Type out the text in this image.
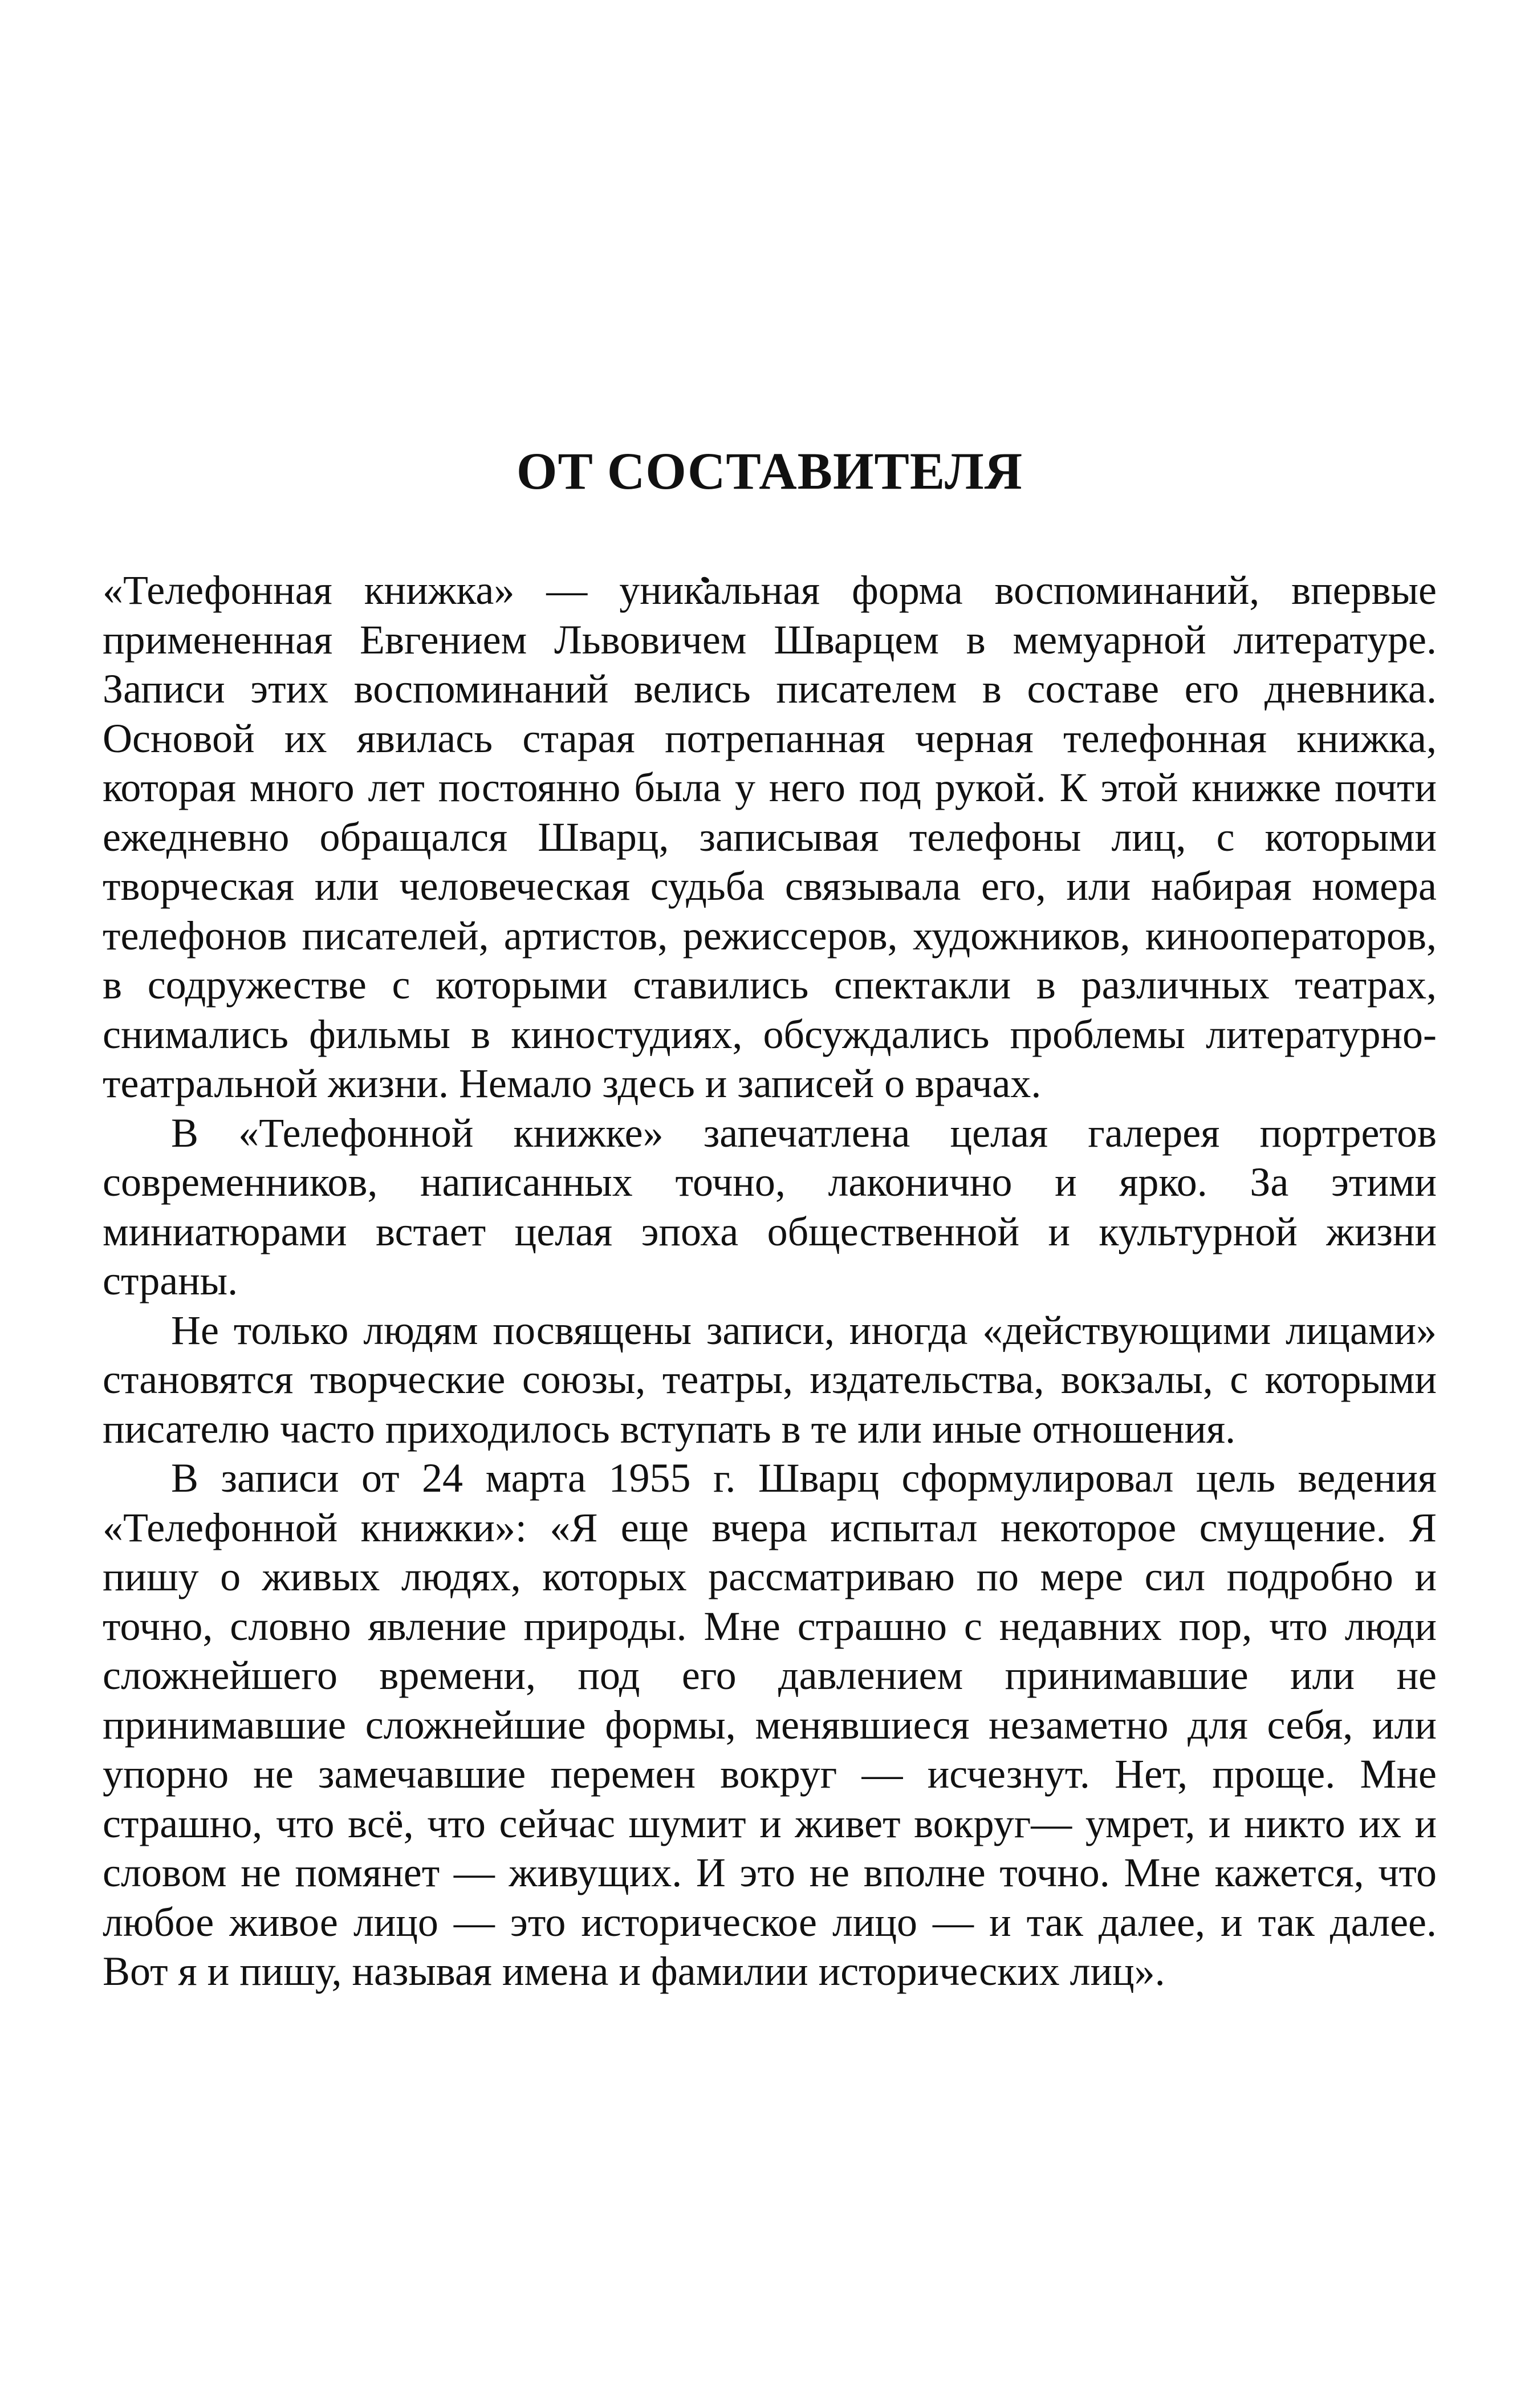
ОТ СОСТАВИТЕЛЯ

«Телефонная книжка» — уникальная форма воспоминаний, впервые примененная Евгением Львовичем Шварцем в мемуарной литературе. Записи этих воспоминаний велись писателем в составе его дневника. Основой их явилась старая потрепанная черная телефонная книжка, которая много лет постоянно была у него под рукой. К этой книжке почти ежедневно обращался Шварц, записывая телефоны лиц, с которыми творческая или человеческая судьба связывала его, или набирая номера телефонов писателей, артистов, режиссеров, художников, кинооператоров, в содружестве с которыми ставились спектакли в различных театрах, снимались фильмы в киностудиях, обсуждались проблемы литературно-театральной жизни. Немало здесь и записей о врачах.

В «Телефонной книжке» запечатлена целая галерея портретов современников, написанных точно, лаконично и ярко. За этими миниатюрами встает целая эпоха общественной и культурной жизни страны.

Не только людям посвящены записи, иногда «действующими лицами» становятся творческие союзы, театры, издательства, вокзалы, с которыми писателю часто приходилось вступать в те или иные отношения.

В записи от 24 марта 1955 г. Шварц сформулировал цель ведения «Телефонной книжки»: «Я еще вчера испытал некоторое смущение. Я пишу о живых людях, которых рассматриваю по мере сил подробно и точно, словно явление природы. Мне страшно с недавних пор, что люди сложнейшего времени, под его давлением принимавшие или не принимавшие сложнейшие формы, менявшиеся незаметно для себя, или упорно не замечавшие перемен вокруг — исчезнут. Нет, проще. Мне страшно, что всё, что сейчас шумит и живет вокруг— умрет, и никто их и словом не помянет — живущих. И это не вполне точно. Мне кажется, что любое живое лицо — это историческое лицо — и так далее, и так далее. Вот я и пишу, называя имена и фамилии исторических лиц».
